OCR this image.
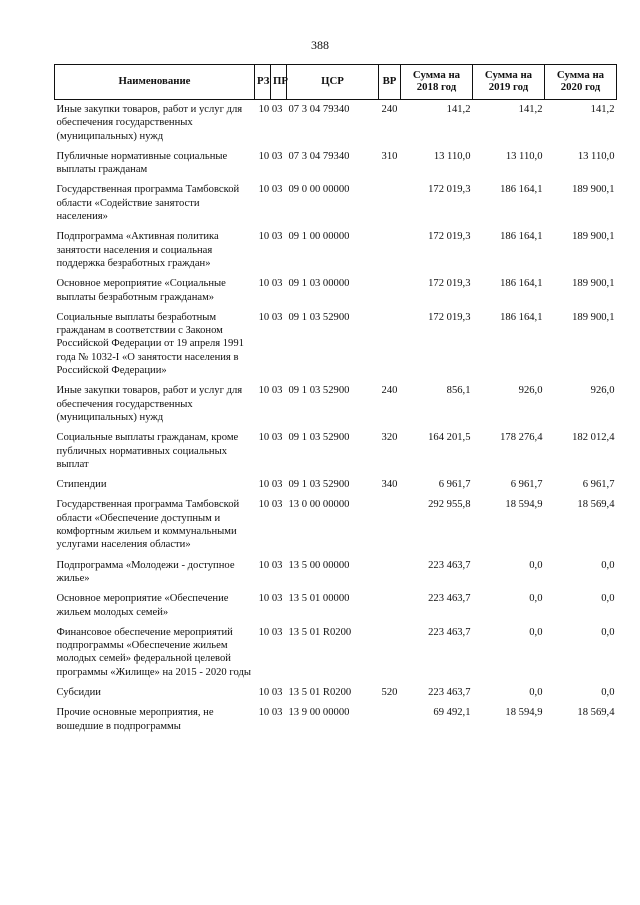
388
Наименование	РЗ	ПР	ЦСР	ВР	Сумма на 2018 год	Сумма на 2019 год	Сумма на 2020 год
Иные закупки товаров, работ и услуг для обеспечения государственных (муниципальных) нужд	10 03		07 3 04 79340	240	141,2	141,2	141,2
Публичные нормативные социальные выплаты гражданам	10 03		07 3 04 79340	310	13 110,0	13 110,0	13 110,0
Государственная программа Тамбовской области «Содействие занятости населения»	10 03		09 0 00 00000		172 019,3	186 164,1	189 900,1
Подпрограмма «Активная политика занятости населения и социальная поддержка безработных граждан»	10 03		09 1 00 00000		172 019,3	186 164,1	189 900,1
Основное мероприятие «Социальные выплаты безработным гражданам»	10 03		09 1 03 00000		172 019,3	186 164,1	189 900,1
Социальные выплаты безработным гражданам в соответствии с Законом Российской Федерации от 19 апреля 1991 года № 1032-I «О занятости населения в Российской Федерации»	10 03		09 1 03 52900		172 019,3	186 164,1	189 900,1
Иные закупки товаров, работ и услуг для обеспечения государственных (муниципальных) нужд	10 03		09 1 03 52900	240	856,1	926,0	926,0
Социальные выплаты гражданам, кроме публичных нормативных социальных выплат	10 03		09 1 03 52900	320	164 201,5	178 276,4	182 012,4
Стипендии	10 03		09 1 03 52900	340	6 961,7	6 961,7	6 961,7
Государственная программа Тамбовской области «Обеспечение доступным и комфортным жильем и коммунальными услугами населения области»	10 03		13 0 00 00000		292 955,8	18 594,9	18 569,4
Подпрограмма «Молодежи - доступное жилье»	10 03		13 5 00 00000		223 463,7	0,0	0,0
Основное мероприятие «Обеспечение жильем молодых семей»	10 03		13 5 01 00000		223 463,7	0,0	0,0
Финансовое обеспечение мероприятий подпрограммы «Обеспечение жильем молодых семей» федеральной целевой программы «Жилище» на 2015 - 2020 годы	10 03		13 5 01 R0200		223 463,7	0,0	0,0
Субсидии	10 03		13 5 01 R0200	520	223 463,7	0,0	0,0
Прочие основные мероприятия, не вошедшие в подпрограммы	10 03		13 9 00 00000		69 492,1	18 594,9	18 569,4
